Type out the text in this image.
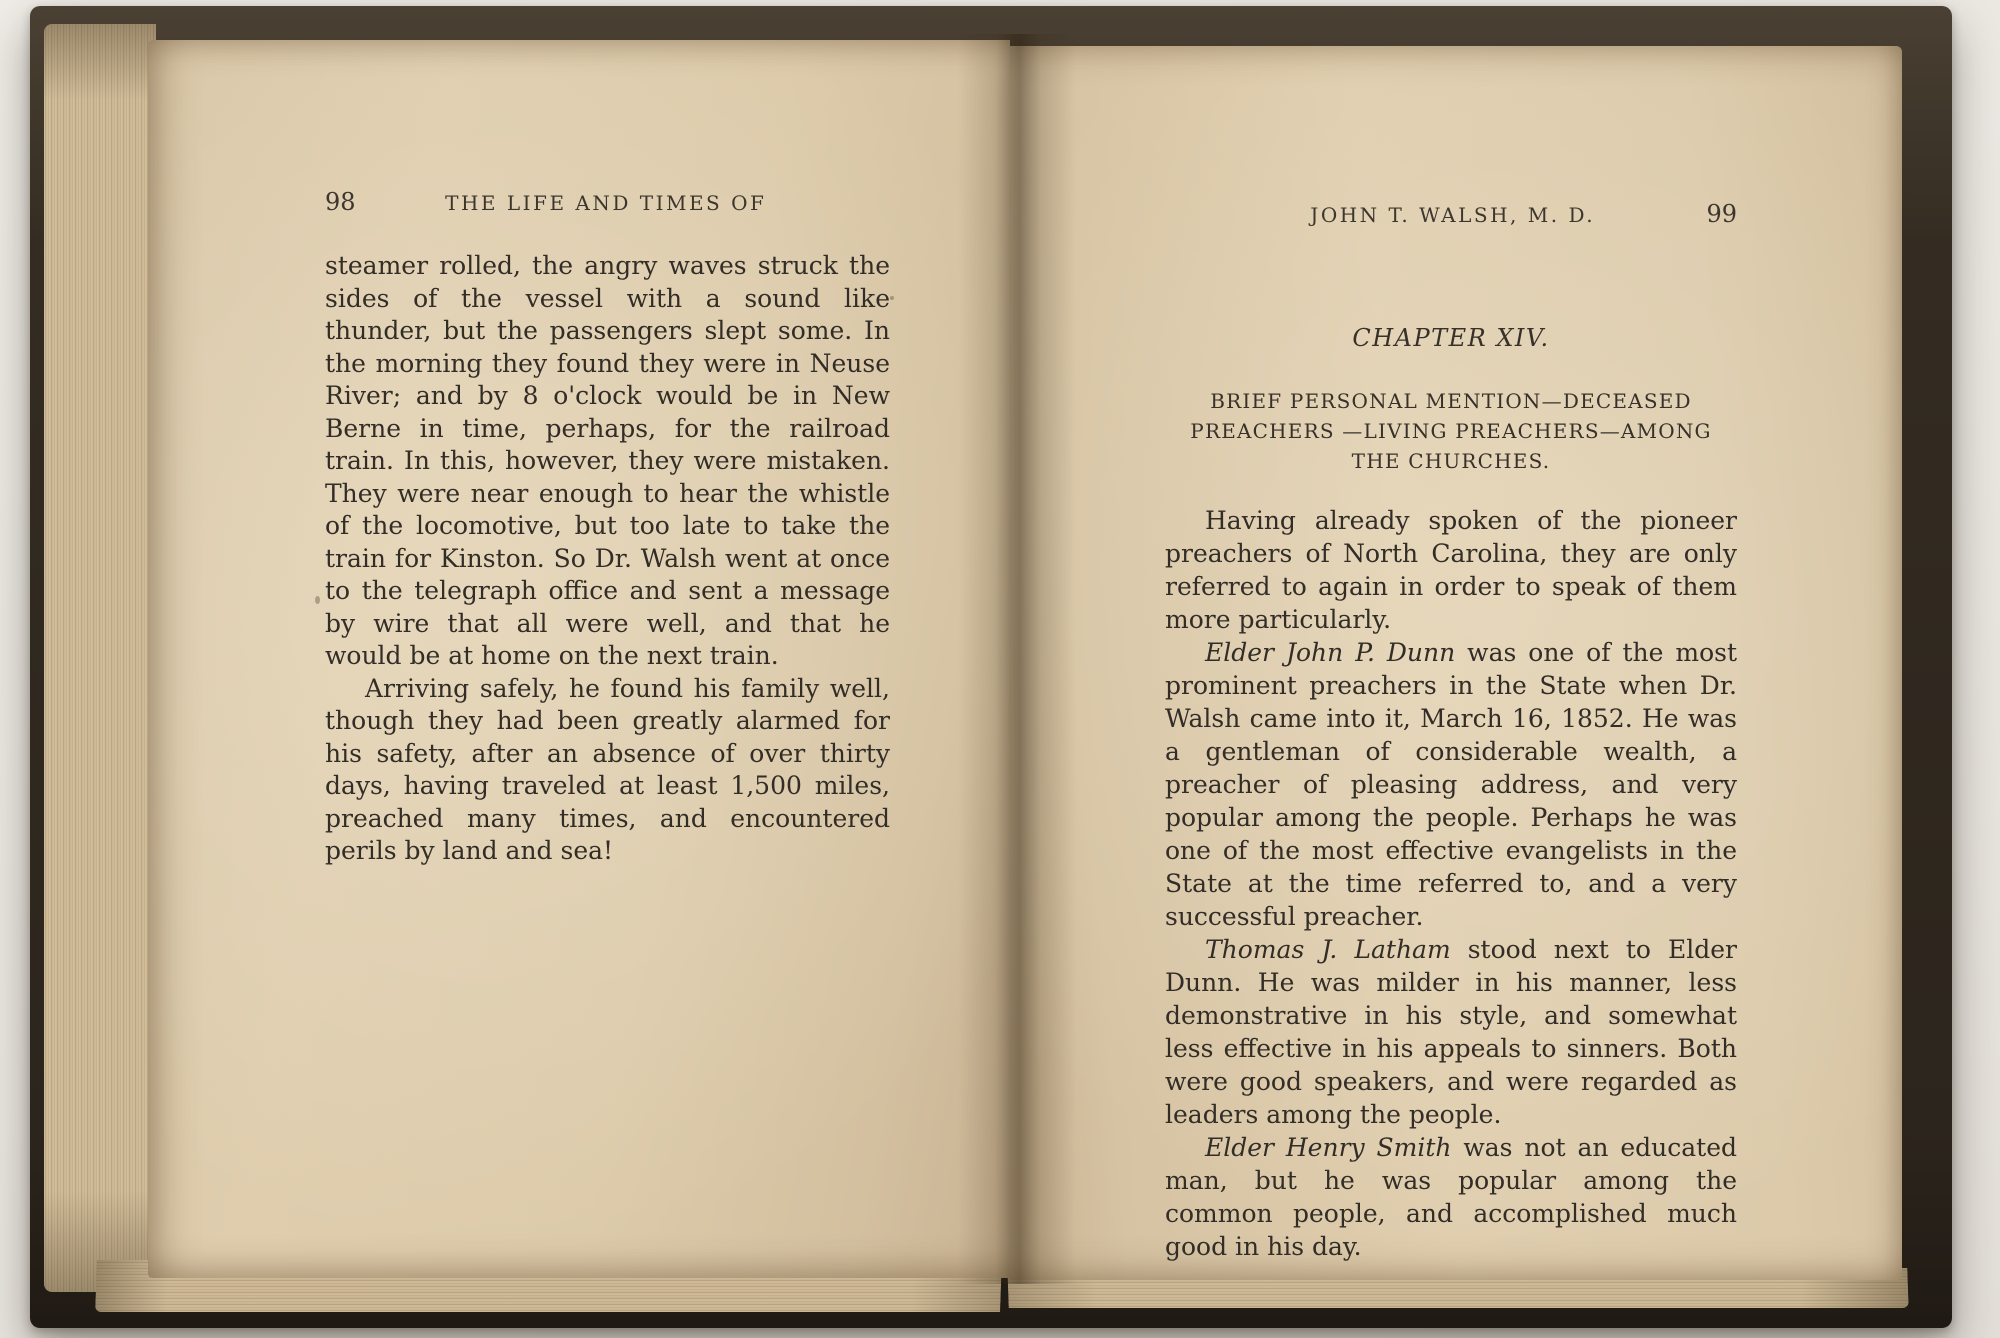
98	THE LIFE AND TIMES OF

steamer rolled, the angry waves struck the sides of the vessel with a sound like thunder, but the passengers slept some. In the morning they found they were in Neuse River; and by 8 o'clock would be in New Berne in time, perhaps, for the railroad train. In this, however, they were mistaken. They were near enough to hear the whistle of the locomotive, but too late to take the train for Kinston. So Dr. Walsh went at once to the telegraph office and sent a message by wire that all were well, and that he would be at home on the next train.

Arriving safely, he found his family well, though they had been greatly alarmed for his safety, after an absence of over thirty days, having traveled at least 1,500 miles, preached many times, and encountered perils by land and sea!

JOHN T. WALSH, M. D.	99
CHAPTER XIV.
BRIEF PERSONAL MENTION—DECEASED PREACHERS —LIVING PREACHERS—AMONG THE CHURCHES.

Having already spoken of the pioneer preachers of North Carolina, they are only referred to again in order to speak of them more particularly.

Elder John P. Dunn was one of the most prominent preachers in the State when Dr. Walsh came into it, March 16, 1852. He was a gentleman of considerable wealth, a preacher of pleasing address, and very popular among the people. Perhaps he was one of the most effective evangelists in the State at the time referred to, and a very successful preacher.

Thomas J. Latham stood next to Elder Dunn. He was milder in his manner, less demonstrative in his style, and somewhat less effective in his appeals to sinners. Both were good speakers, and were regarded as leaders among the people.

Elder Henry Smith was not an educated man, but he was popular among the common people, and accomplished much good in his day.
